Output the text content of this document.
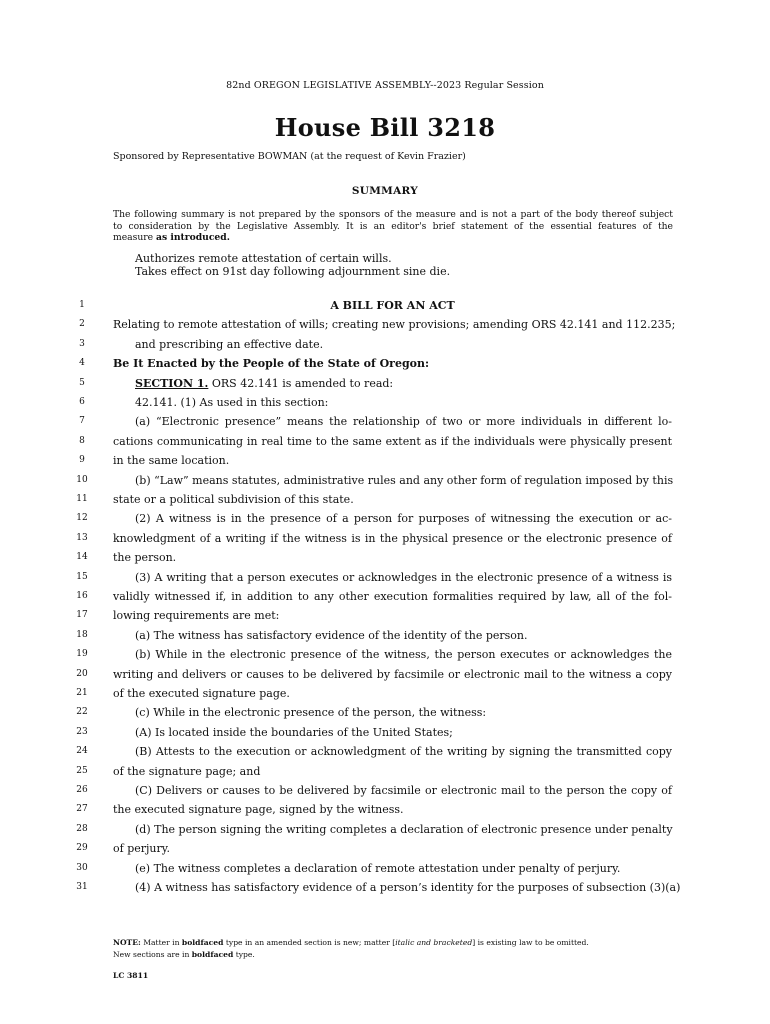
82nd OREGON LEGISLATIVE ASSEMBLY--2023 Regular Session
House Bill 3218
Sponsored by Representative BOWMAN (at the request of Kevin Frazier)
SUMMARY
The following summary is not prepared by the sponsors of the measure and is not a part of the body thereof subject
to consideration by the Legislative Assembly. It is an editor's brief statement of the essential features of the
measure as introduced.
Authorizes remote attestation of certain wills.
Takes effect on 91st day following adjournment sine die.
1	A BILL FOR AN ACT
2	Relating to remote attestation of wills; creating new provisions; amending ORS 42.141 and 112.235;
3	and prescribing an effective date.
4	Be It Enacted by the People of the State of Oregon:
5	SECTION 1. ORS 42.141 is amended to read:
6	42.141. (1) As used in this section:
7	(a) “Electronic presence” means the relationship of two or more individuals in different lo-
8	cations communicating in real time to the same extent as if the individuals were physically present
9	in the same location.
10	(b) “Law” means statutes, administrative rules and any other form of regulation imposed by this
11	state or a political subdivision of this state.
12	(2) A witness is in the presence of a person for purposes of witnessing the execution or ac-
13	knowledgment of a writing if the witness is in the physical presence or the electronic presence of
14	the person.
15	(3) A writing that a person executes or acknowledges in the electronic presence of a witness is
16	validly witnessed if, in addition to any other execution formalities required by law, all of the fol-
17	lowing requirements are met:
18	(a) The witness has satisfactory evidence of the identity of the person.
19	(b) While in the electronic presence of the witness, the person executes or acknowledges the
20	writing and delivers or causes to be delivered by facsimile or electronic mail to the witness a copy
21	of the executed signature page.
22	(c) While in the electronic presence of the person, the witness:
23	(A) Is located inside the boundaries of the United States;
24	(B) Attests to the execution or acknowledgment of the writing by signing the transmitted copy
25	of the signature page; and
26	(C) Delivers or causes to be delivered by facsimile or electronic mail to the person the copy of
27	the executed signature page, signed by the witness.
28	(d) The person signing the writing completes a declaration of electronic presence under penalty
29	of perjury.
30	(e) The witness completes a declaration of remote attestation under penalty of perjury.
31	(4) A witness has satisfactory evidence of a person’s identity for the purposes of subsection (3)(a)
NOTE: Matter in boldfaced type in an amended section is new; matter [italic and bracketed] is existing law to be omitted.
New sections are in boldfaced type.
LC 3811
